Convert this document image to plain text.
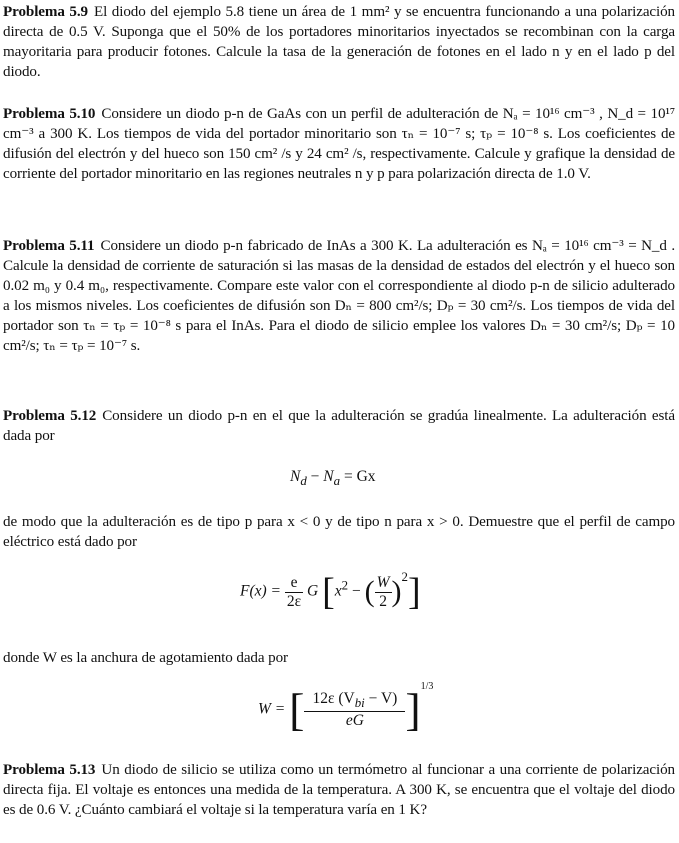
Problema 5.9 El diodo del ejemplo 5.8 tiene un área de 1 mm² y se encuentra funcionando a una polarización directa de 0.5 V. Suponga que el 50% de los portadores minoritarios inyectados se recombinan con la carga mayoritaria para producir fotones. Calcule la tasa de la generación de fotones en el lado n y en el lado p del diodo.

Problema 5.10 Considere un diodo p-n de GaAs con un perfil de adulteración de Nₐ = 10¹⁶ cm⁻³ , N_d = 10¹⁷ cm⁻³ a 300 K. Los tiempos de vida del portador minoritario son τₙ = 10⁻⁷ s; τₚ = 10⁻⁸ s. Los coeficientes de difusión del electrón y del hueco son 150 cm² /s y 24 cm² /s, respectivamente. Calcule y grafique la densidad de corriente del portador minoritario en las regiones neutrales n y p para polarización directa de 1.0 V.

Problema 5.11 Considere un diodo p-n fabricado de InAs a 300 K. La adulteración es Nₐ = 10¹⁶ cm⁻³ = N_d . Calcule la densidad de corriente de saturación si las masas de la densidad de estados del electrón y el hueco son 0.02 m₀ y 0.4 m₀, respectivamente. Compare este valor con el correspondiente al diodo p-n de silicio adulterado a los mismos niveles. Los coeficientes de difusión son Dₙ = 800 cm²/s; Dₚ = 30 cm²/s. Los tiempos de vida del portador son τₙ = τₚ = 10⁻⁸ s para el InAs. Para el diodo de silicio emplee los valores Dₙ = 30 cm²/s; Dₚ = 10 cm²/s; τₙ = τₚ = 10⁻⁷ s.

Problema 5.12 Considere un diodo p-n en el que la adulteración se gradúa linealmente. La adulteración está dada por

$N_d - N_a = Gx$

de modo que la adulteración es de tipo p para x < 0 y de tipo n para x > 0. Demuestre que el perfil de campo eléctrico está dado por

$F(x) = \frac{e}{2\varepsilon}$ G [$x^2$ − ( $\frac{W}{2} )^2$]

donde W es la anchura de agotamiento dada por

W = [ $\frac{12\varepsilon (V_{bi} - V)}{eG} ]^{1/3}$

Problema 5.13 Un diodo de silicio se utiliza como un termómetro al funcionar a una corriente de polarización directa fija. El voltaje es entonces una medida de la temperatura. A 300 K, se encuentra que el voltaje del diodo es de 0.6 V. ¿Cuánto cambiará el voltaje si la temperatura varía en 1 K?
